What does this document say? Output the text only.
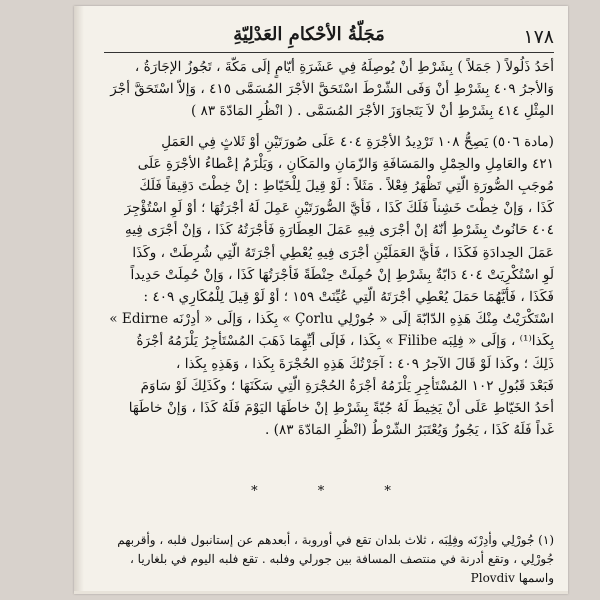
١٧٨
مَجَلّةُ الأحْكامِ العَدْلِيّةِ

أحَدُ ذَلُولاً ( جَمَلاً ) بِشَرْطِ أنْ يُوصِلَهُ فِي عَشَرَةِ أيّامٍ إلَى مَكّةَ ، تَجُوزُ الإجَارَةُ ،
وَالأجرُ ٤٠٩ بِشَرْطِ أنْ وَفَى الشّرْطَ اسْتَحَقَّ الأجْرَ المُسَمَّى ٤١٥ ، وَإلاّ اسْتَحَقَّ أجْرَ
المِثْلِ ٤١٤ بِشَرْطِ أنْ لاَ يَتَجاوَزَ الأجْرَ المُسَمَّى . ( انْظُرِ المَادّةَ ٨٣ )

(مادة ٥٠٦) يَصِحُّ ١٠٨ تَرْدِيدُ الأجْرَةِ ٤٠٤ عَلَى صُورَتَيْنِ أوْ ثَلاثٍ فِي العَمَلِ
٤٢١ والعَامِلِ والحِمْلِ والمَسَافَةِ وَالزّمَانِ والمَكَانِ ، وَيَلْزَمُ إعْطاءُ الأجْرَةِ عَلَى
مُوجَبِ الصُّورَةِ الّتِي تَظْهَرُ فِعْلاً . مَثَلاً : لَوْ قِيلَ لِلْخَيّاطِ : إنْ خِطْتَ دَقِيقاً فَلَكَ
كَذَا ، وَإنْ خِطْتَ خَشِناً فَلَكَ كَذَا ، فَأيَّ الصُّورَتَيْنِ عَمِلَ لَهُ أجْرَتُهَا ؛ أوْ لَوِ اسْتُؤْجِرَ
٤٠٤ حَانُوتٌ بِشَرْطِ أنّهُ إنْ أجْرَى فِيهِ عَمَلَ العِطَارَةِ فَأجْرَتُهُ كَذَا ، وَإنْ أجْرَى فِيهِ
عَمَلَ الحِدادَةِ فَكَذَا ، فَأيَّ العَمَلَيْنِ أجْرَى فِيهِ يُعْطِي أجْرَتَهُ الّتِي شُرِطَتْ ، وكَذَا
لَوِ اسْتُكْرِيَتْ ٤٠٤ دَابّةٌ بِشَرْطِ إنْ حُمِلَتْ حِنْطَةً فَأجْرَتُهَا كَذَا ، وَإنْ حُمِلَتْ حَدِيداً
فَكَذَا ، فَأيَّهُمَا حَمَلَ يُعْطِي أجْرَتَهُ الّتِي عُيِّنَتْ ١٥٩ ؛ أوْ لَوْ قِيلَ لِلْمُكَارِي ٤٠٩ :
اسْتَكْرَيْتُ مِنْكَ هَذِهِ الدّابّةَ إلَى « جُورْلِي Çorlu » بِكَذا ، وَإلَى « أدِرْنَه Edirne »
بِكَذا⁽¹⁾ ، وَإلَى « فِلِبَه Filibe » بِكَذا ، فَإلَى أيِّهِمَا ذَهَبَ المُسْتَأجِرُ يَلْزَمُهُ أجْرَةُ
ذَلِكَ ؛ وكَذا لَوْ قَالَ الآجرُ ٤٠٩ : آجَرْتُكَ هَذِهِ الحُجْرَةَ بِكَذا ، وَهَذِهِ بِكَذا ،
فَبَعْدَ قَبُولِ ١٠٢ المُسْتَأجِرِ يَلْزَمُهُ أجْرَةُ الحُجْرَةِ الّتِي سَكَنَهَا ؛ وكَذَلِكَ لَوْ سَاوَمَ
أحَدُ الخَيّاطِ عَلَى أنْ يَخِيطَ لَهُ جُبّةً بِشَرْطِ إنْ خاطَهَا اليَوْمَ فَلَهُ كَذَا ، وَإنْ خاطَهَا
غَداً فَلَهُ كَذَا ، يَجُوزُ وَيُعْتَبَرُ الشّرْطُ (انْظُرِ المَادّةَ ٨٣) .

* * *
(١) جُورْلِي وأدِرْنَه وفِلِبَه ، ثلاث بلدان تقع في أوروبة ، أبعدهم عن إستانبول فلبه ، وأقربهم
جُورْلِي ، وتقع أدرنة في منتصف المسافة بين جورلي وفلبه . تقع فلبه اليوم في بلغاريا ،
واسمها Plovdiv
